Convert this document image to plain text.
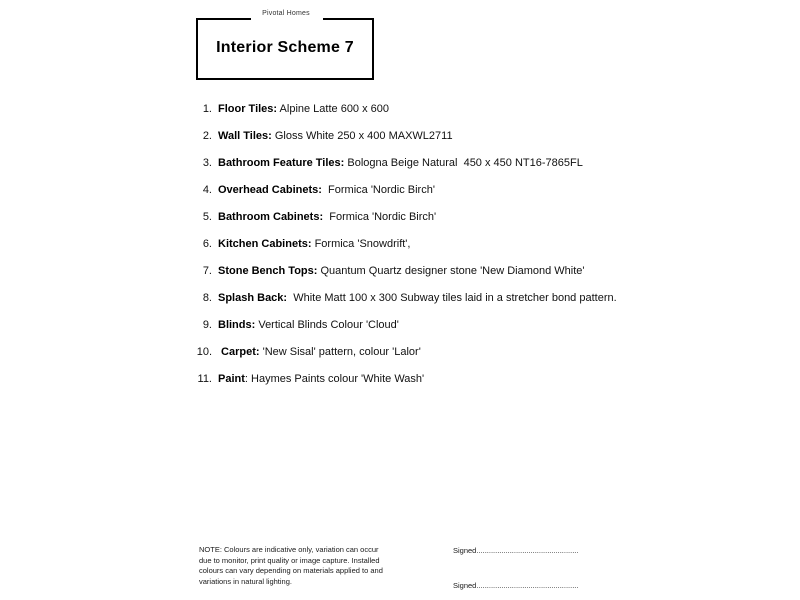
Interior Scheme 7
Pivotal Homes
1. Floor Tiles: Alpine Latte 600 x 600
2. Wall Tiles: Gloss White 250 x 400 MAXWL2711
3. Bathroom Feature Tiles: Bologna Beige Natural  450 x 450 NT16-7865FL
4. Overhead Cabinets: Formica 'Nordic Birch'
5. Bathroom Cabinets: Formica 'Nordic Birch'
6. Kitchen Cabinets: Formica 'Snowdrift',
7. Stone Bench Tops: Quantum Quartz designer stone 'New Diamond White'
8. Splash Back: White Matt 100 x 300 Subway tiles laid in a stretcher bond pattern.
9. Blinds: Vertical Blinds Colour 'Cloud'
10. Carpet: 'New Sisal' pattern, colour 'Lalor'
11. Paint : Haymes Paints colour 'White Wash'
NOTE: Colours are indicative only, variation can occur due to monitor, print quality or image capture. Installed colours can vary depending on materials applied to and variations in natural lighting.
Signed.................................................
Signed.................................................
